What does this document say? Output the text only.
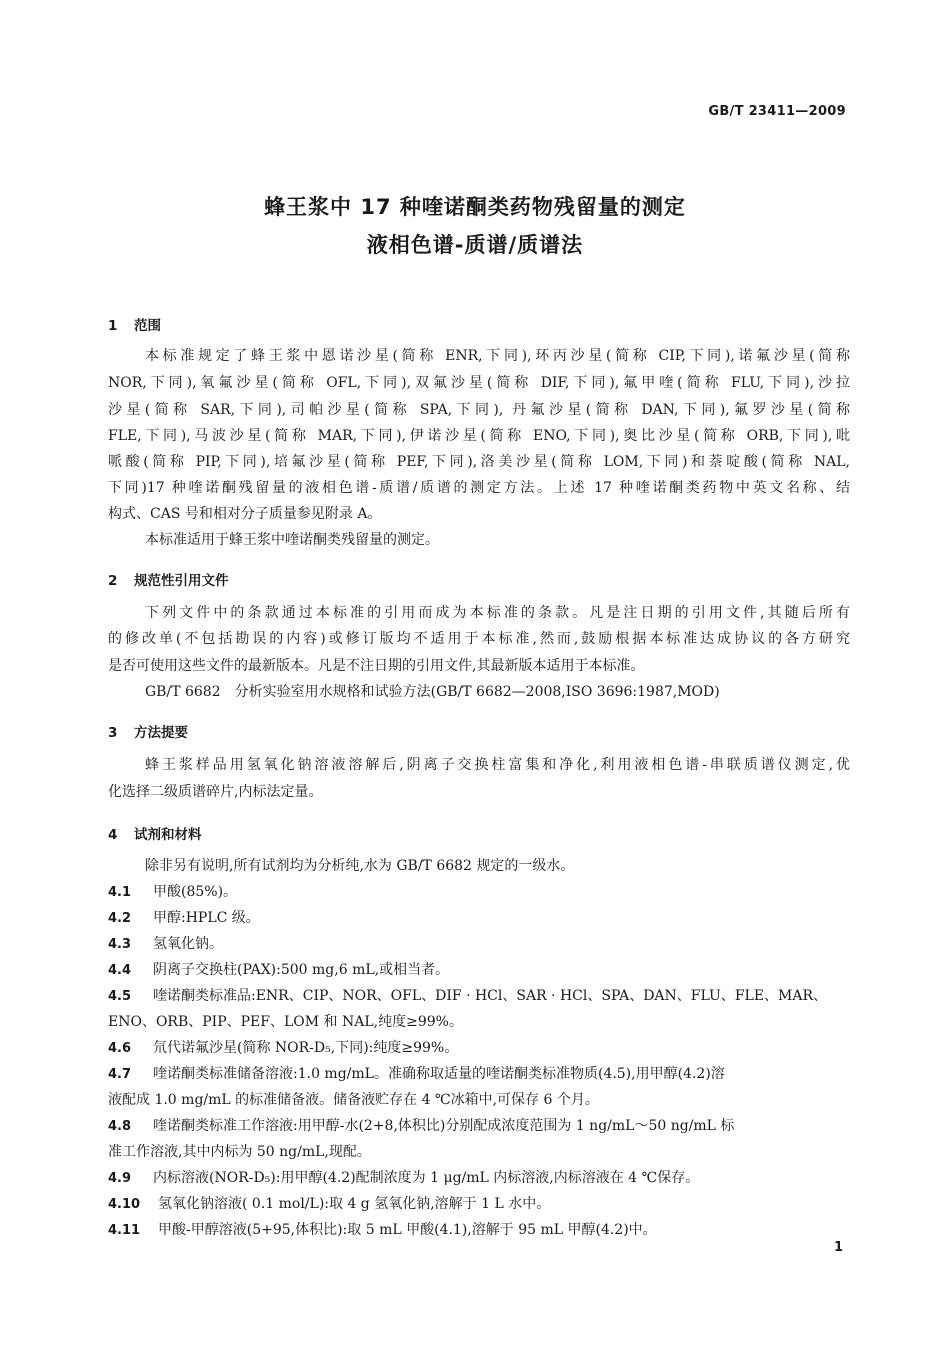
GB/T 23411—2009
蜂王浆中 17 种喹诺酮类药物残留量的测定
液相色谱-质谱/质谱法
1 范围
本标准规定了蜂王浆中恩诺沙星(简称 ENR,下同),环丙沙星(简称 CIP,下同),诺氟沙星(简称
NOR,下同),氧氟沙星(简称 OFL,下同),双氟沙星(简称 DIF,下同),氟甲喹(简称 FLU,下同),沙拉
沙星(简称 SAR,下同),司帕沙星(简称 SPA,下同), 丹氟沙星(简称 DAN,下同),氟罗沙星(简称
FLE,下同),马波沙星(简称 MAR,下同),伊诺沙星(简称 ENO,下同),奥比沙星(简称 ORB,下同),吡
哌酸(简称 PIP,下同),培氟沙星(简称 PEF,下同),洛美沙星(简称 LOM,下同)和萘啶酸(简称 NAL,
下同)17 种喹诺酮残留量的液相色谱-质谱/质谱的测定方法。上述 17 种喹诺酮类药物中英文名称、结
构式、CAS 号和相对分子质量参见附录 A。
本标准适用于蜂王浆中喹诺酮类残留量的测定。
2 规范性引用文件
下列文件中的条款通过本标准的引用而成为本标准的条款。凡是注日期的引用文件,其随后所有
的修改单(不包括勘误的内容)或修订版均不适用于本标准,然而,鼓励根据本标准达成协议的各方研究
是否可使用这些文件的最新版本。凡是不注日期的引用文件,其最新版本适用于本标准。
GB/T 6682　分析实验室用水规格和试验方法(GB/T 6682—2008,ISO 3696:1987,MOD)
3 方法提要
蜂王浆样品用氢氧化钠溶液溶解后,阴离子交换柱富集和净化,利用液相色谱-串联质谱仪测定,优
化选择二级质谱碎片,内标法定量。
4 试剂和材料
除非另有说明,所有试剂均为分析纯,水为 GB/T 6682 规定的一级水。
4.1 甲酸(85%)。
4.2 甲醇:HPLC 级。
4.3 氢氧化钠。
4.4 阴离子交换柱(PAX):500 mg,6 mL,或相当者。
4.5 喹诺酮类标准品:ENR、CIP、NOR、OFL、DIF · HCl、SAR · HCl、SPA、DAN、FLU、FLE、MAR、
ENO、ORB、PIP、PEF、LOM 和 NAL,纯度≥99%。
4.6 氘代诺氟沙星(简称 NOR-D₅,下同):纯度≥99%。
4.7 喹诺酮类标准储备溶液:1.0 mg/mL。准确称取适量的喹诺酮类标准物质(4.5),用甲醇(4.2)溶
液配成 1.0 mg/mL 的标准储备液。储备液贮存在 4 ℃冰箱中,可保存 6 个月。
4.8 喹诺酮类标准工作溶液:用甲醇-水(2+8,体积比)分别配成浓度范围为 1 ng/mL～50 ng/mL 标
准工作溶液,其中内标为 50 ng/mL,现配。
4.9 内标溶液(NOR-D₅):用甲醇(4.2)配制浓度为 1 μg/mL 内标溶液,内标溶液在 4 ℃保存。
4.10 氢氧化钠溶液( 0.1 mol/L):取 4 g 氢氧化钠,溶解于 1 L 水中。
4.11 甲酸-甲醇溶液(5+95,体积比):取 5 mL 甲酸(4.1),溶解于 95 mL 甲醇(4.2)中。
1
